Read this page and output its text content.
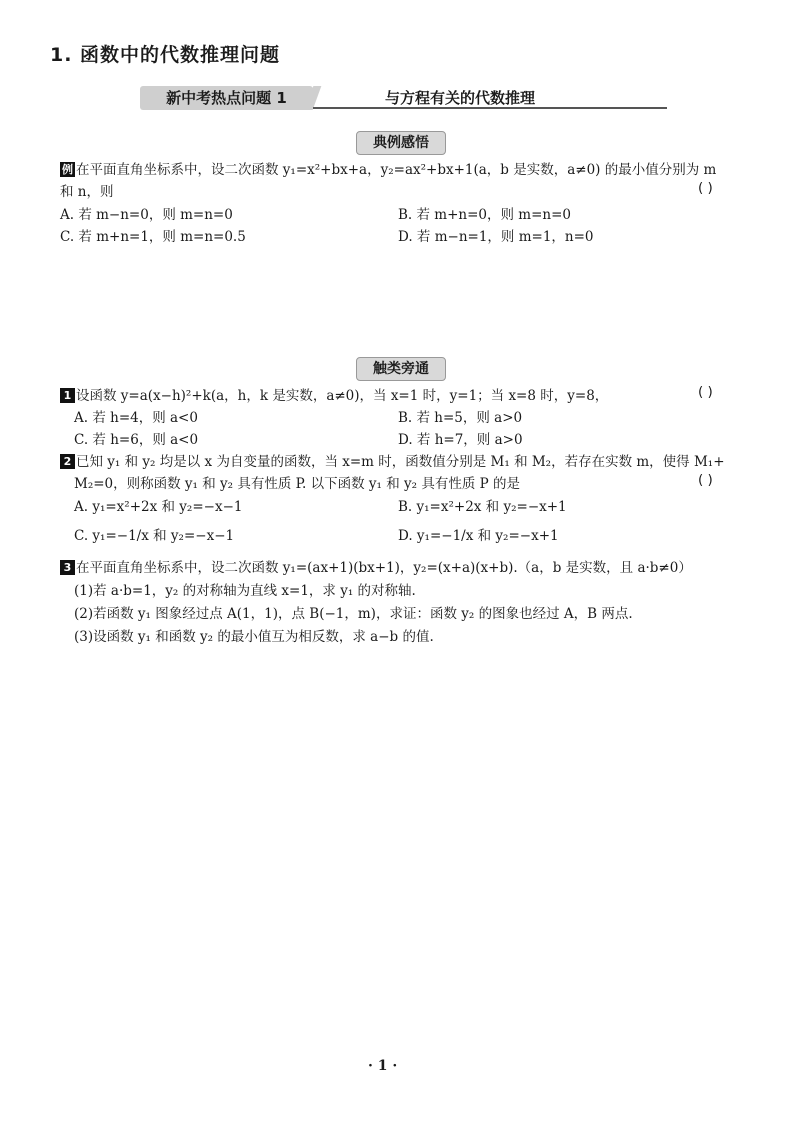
1. 函数中的代数推理问题
新中考热点问题 1	与方程有关的代数推理
典例感悟
例 在平面直角坐标系中，设二次函数 y₁=x²+bx+a，y₂=ax²+bx+1(a，b 是实数，a≠0) 的最小值分别为 m
和 n，则	( )
A. 若 m−n=0，则 m=n=0	B. 若 m+n=0，则 m=n=0
C. 若 m+n=1，则 m=n=0.5	D. 若 m−n=1，则 m=1，n=0
触类旁通
1 设函数 y=a(x−h)²+k(a，h，k 是实数，a≠0)，当 x=1 时，y=1；当 x=8 时，y=8，	( )
A. 若 h=4，则 a<0	B. 若 h=5，则 a>0
C. 若 h=6，则 a<0	D. 若 h=7，则 a>0
2 已知 y₁ 和 y₂ 均是以 x 为自变量的函数，当 x=m 时，函数值分别是 M₁ 和 M₂，若存在实数 m，使得 M₁+
M₂=0，则称函数 y₁ 和 y₂ 具有性质 P. 以下函数 y₁ 和 y₂ 具有性质 P 的是	( )
A. y₁=x²+2x 和 y₂=−x−1	B. y₁=x²+2x 和 y₂=−x+1
C. y₁=−1/x 和 y₂=−x−1	D. y₁=−1/x 和 y₂=−x+1
3 在平面直角坐标系中，设二次函数 y₁=(ax+1)(bx+1)，y₂=(x+a)(x+b).（a，b 是实数，且 a·b≠0）
(1)若 a·b=1，y₂ 的对称轴为直线 x=1，求 y₁ 的对称轴.
(2)若函数 y₁ 图象经过点 A(1，1)，点 B(−1，m)，求证：函数 y₂ 的图象也经过 A，B 两点.
(3)设函数 y₁ 和函数 y₂ 的最小值互为相反数，求 a−b 的值.
· 1 ·
